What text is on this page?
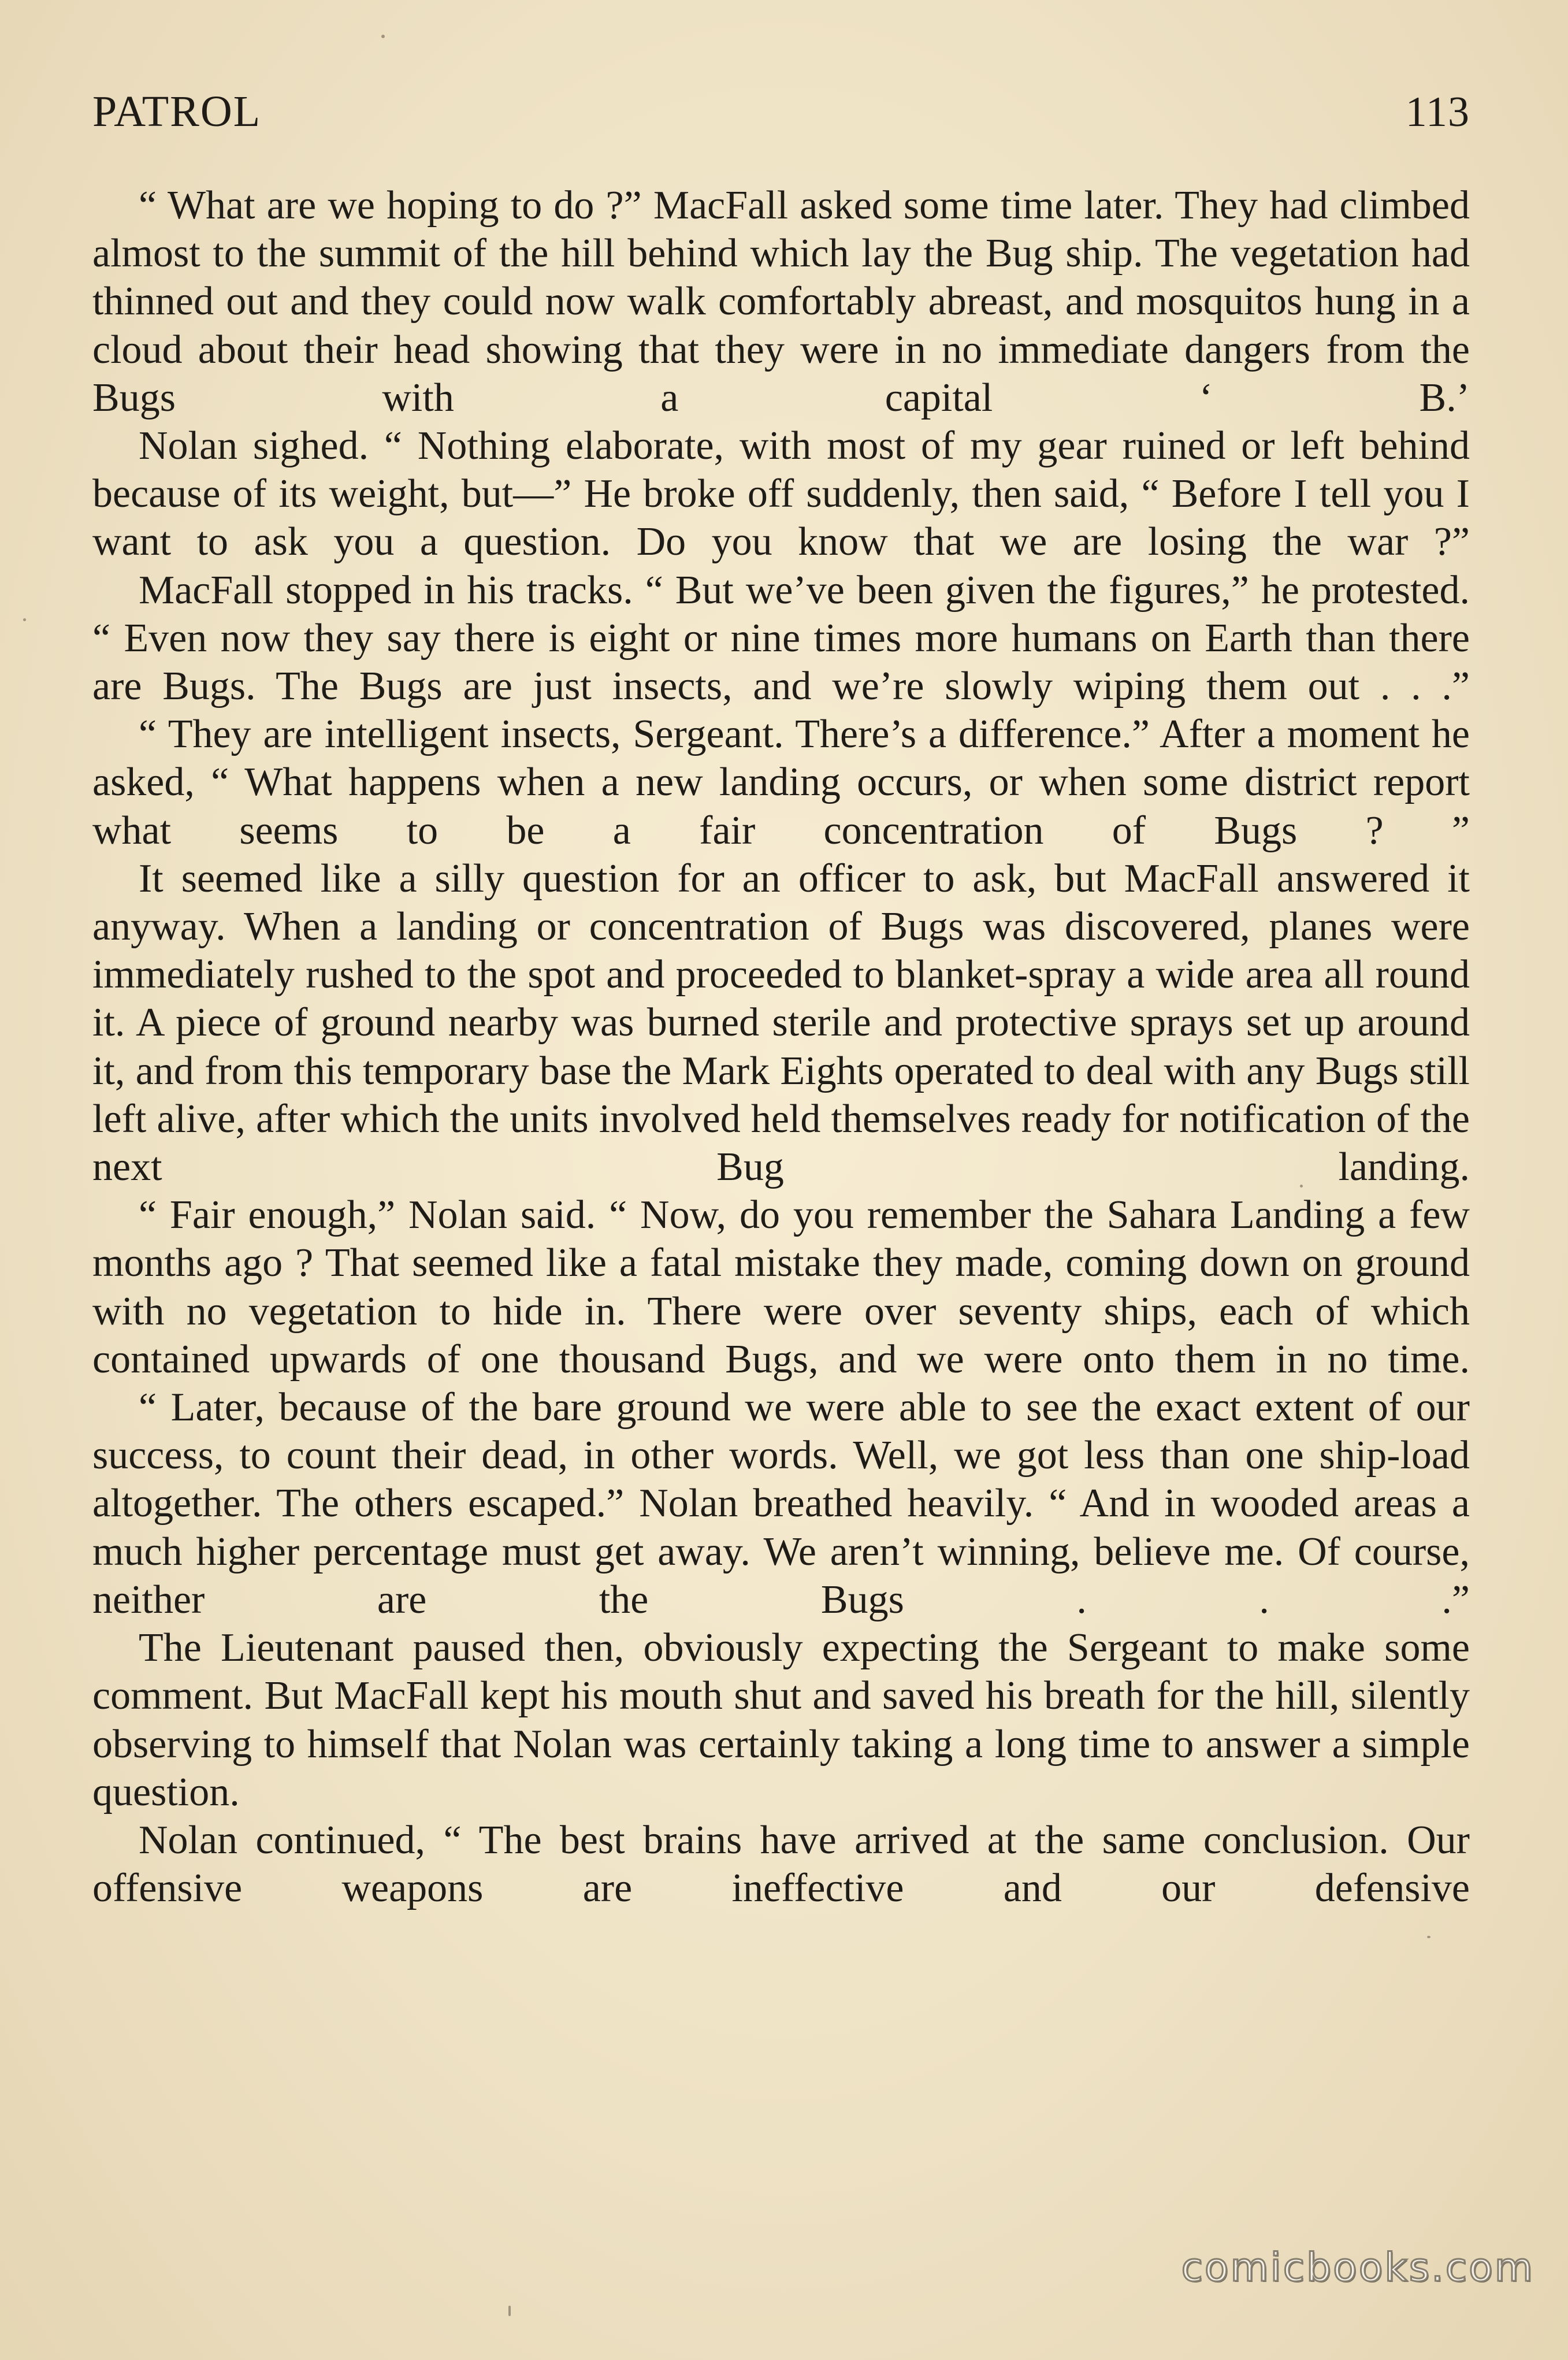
PATROL	113

“ What are we hoping to do ?” MacFall asked some time later. They had climbed almost to the summit of the hill behind which lay the Bug ship. The vegetation had thinned out and they could now walk comfortably abreast, and mosquitos hung in a cloud about their head showing that they were in no immediate dangers from the Bugs with a capital ‘ B.’

Nolan sighed. “ Nothing elaborate, with most of my gear ruined or left behind because of its weight, but—” He broke off suddenly, then said, “ Before I tell you I want to ask you a question. Do you know that we are losing the war ?”

MacFall stopped in his tracks. “ But we’ve been given the figures,” he protested. “ Even now they say there is eight or nine times more humans on Earth than there are Bugs. The Bugs are just insects, and we’re slowly wiping them out . . .”

“ They are intelligent insects, Sergeant. There’s a difference.” After a moment he asked, “ What happens when a new landing occurs, or when some district report what seems to be a fair concentration of Bugs ? ”

It seemed like a silly question for an officer to ask, but MacFall answered it anyway. When a landing or concentration of Bugs was discovered, planes were immediately rushed to the spot and proceeded to blanket-spray a wide area all round it. A piece of ground nearby was burned sterile and protective sprays set up around it, and from this temporary base the Mark Eights operated to deal with any Bugs still left alive, after which the units involved held themselves ready for notification of the next Bug landing.

“ Fair enough,” Nolan said. “ Now, do you remember the Sahara Landing a few months ago ? That seemed like a fatal mistake they made, coming down on ground with no vegetation to hide in. There were over seventy ships, each of which contained upwards of one thousand Bugs, and we were onto them in no time.

“ Later, because of the bare ground we were able to see the exact extent of our success, to count their dead, in other words. Well, we got less than one ship-load altogether. The others escaped.” Nolan breathed heavily. “ And in wooded areas a much higher percentage must get away. We aren’t winning, believe me. Of course, neither are the Bugs . . .”

The Lieutenant paused then, obviously expecting the Sergeant to make some comment. But MacFall kept his mouth shut and saved his breath for the hill, silently observing to himself that Nolan was certainly taking a long time to answer a simple question.

Nolan continued, “ The best brains have arrived at the same conclusion. Our offensive weapons are ineffective and our defensive

comicbooks.com
